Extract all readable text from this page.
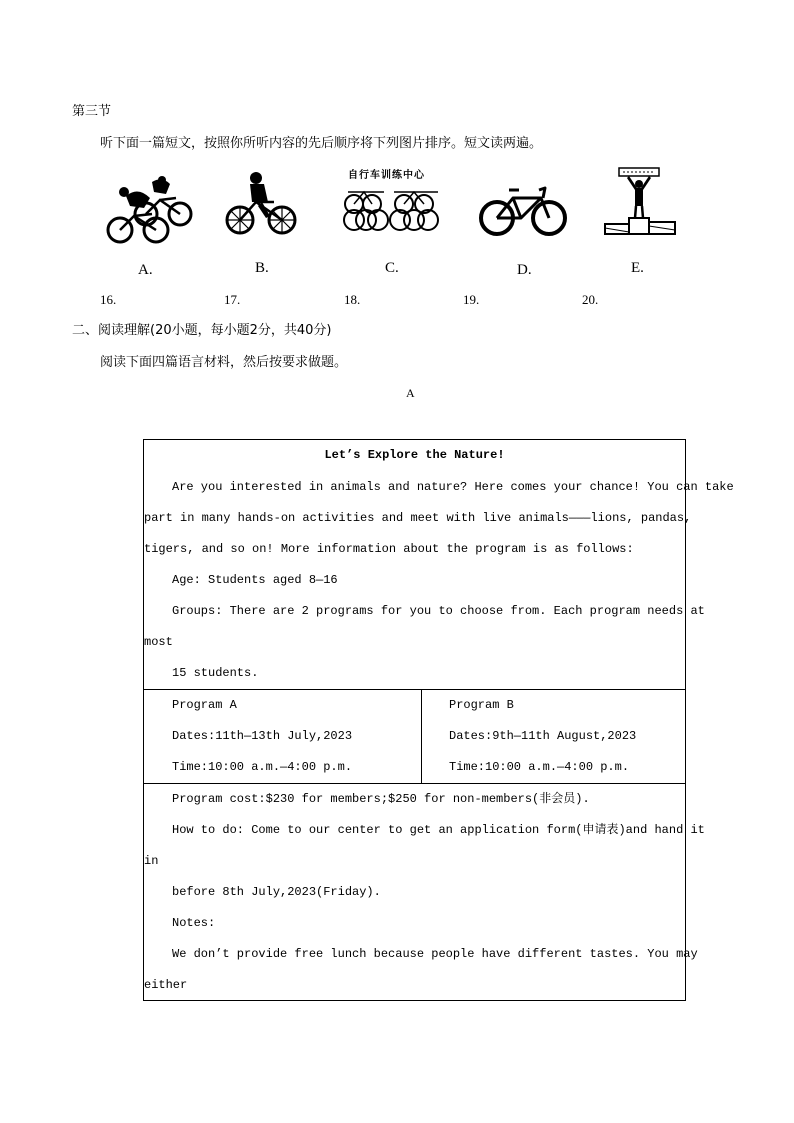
第三节
听下面一篇短文，按照你所听内容的先后顺序将下列图片排序。短文读两遍。
A.	B.
自行车训练中心
C.	D.	E.
16.	17.	18.	19.	20.
二、阅读理解(20小题，每小题2分，共40分)
阅读下面四篇语言材料，然后按要求做题。
A
Let’s Explore the Nature!
Are you interested in animals and nature? Here comes your chance! You can take
part in many hands-on activities and meet with live animals———lions, pandas,
tigers, and so on! More information about the program is as follows:
Age: Students aged 8—16
Groups: There are 2 programs for you to choose from. Each program needs at
most
15 students.
Program A
Dates:11th—13th July,2023
Time:10:00 a.m.—4:00 p.m.
Program B
Dates:9th—11th August,2023
Time:10:00 a.m.—4:00 p.m.
Program cost:$230 for members;$250 for non-members(非会员).
How to do: Come to our center to get an application form(申请表)and hand it
in
before 8th July,2023(Friday).
Notes:
We don’t provide free lunch because people have different tastes. You may
either
